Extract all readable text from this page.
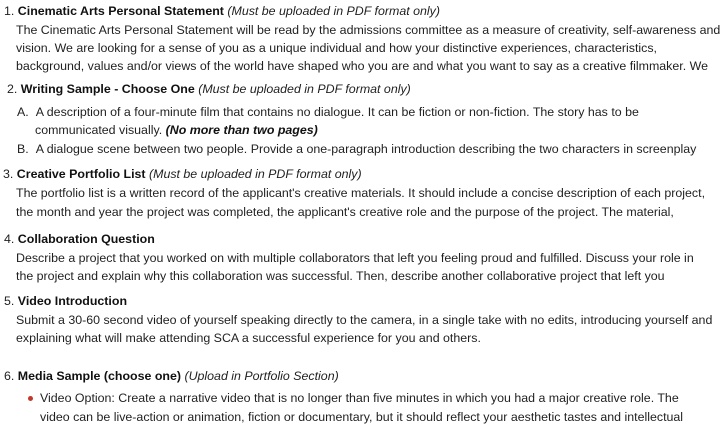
1. Cinematic Arts Personal Statement (Must be uploaded in PDF format only)
The Cinematic Arts Personal Statement will be read by the admissions committee as a measure of creativity, self-awareness and
vision. We are looking for a sense of you as a unique individual and how your distinctive experiences, characteristics,
background, values and/or views of the world have shaped who you are and what you want to say as a creative filmmaker. We
2. Writing Sample - Choose One (Must be uploaded in PDF format only)
A. A description of a four-minute film that contains no dialogue. It can be fiction or non-fiction. The story has to be
communicated visually. (No more than two pages)
B. A dialogue scene between two people. Provide a one-paragraph introduction describing the two characters in screenplay
3. Creative Portfolio List (Must be uploaded in PDF format only)
The portfolio list is a written record of the applicant's creative materials. It should include a concise description of each project,
the month and year the project was completed, the applicant's creative role and the purpose of the project. The material,
4. Collaboration Question
Describe a project that you worked on with multiple collaborators that left you feeling proud and fulfilled. Discuss your role in
the project and explain why this collaboration was successful. Then, describe another collaborative project that left you
5. Video Introduction
Submit a 30-60 second video of yourself speaking directly to the camera, in a single take with no edits, introducing yourself and
explaining what will make attending SCA a successful experience for you and others.
6. Media Sample (choose one) (Upload in Portfolio Section)
Video Option: Create a narrative video that is no longer than five minutes in which you had a major creative role. The
video can be live-action or animation, fiction or documentary, but it should reflect your aesthetic tastes and intellectual
